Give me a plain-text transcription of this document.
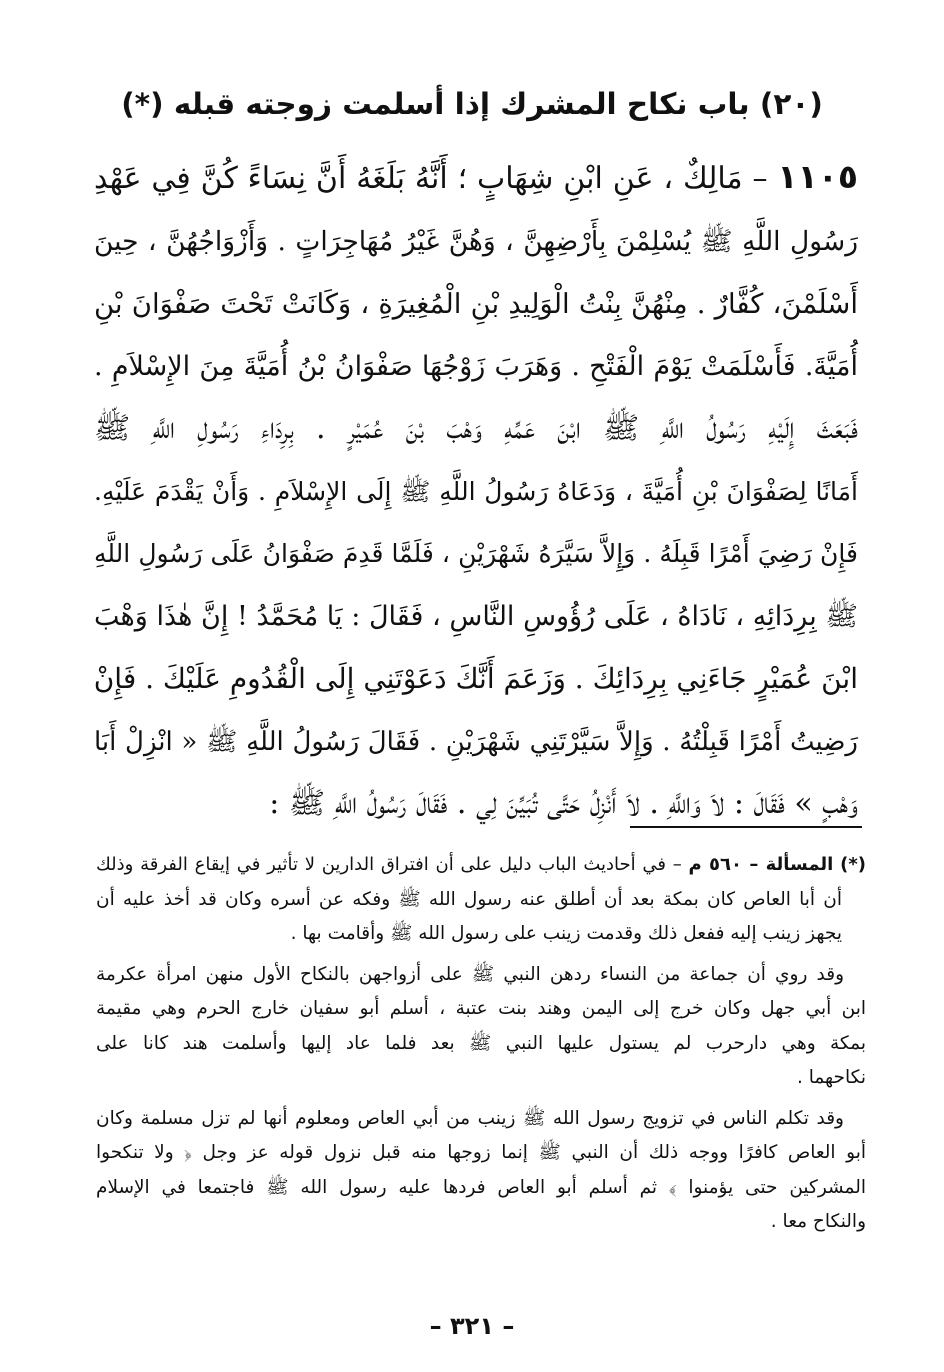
(٢٠) باب نكاح المشرك إذا أسلمت زوجته قبله (*)
١١٠٥ – مَالِكٌ ، عَنِ ابْنِ شِهَابٍ ؛ أَنَّهُ بَلَغَهُ أَنَّ نِسَاءً كُنَّ فِي عَهْدِ
رَسُولِ اللَّهِ ﷺ يُسْلِمْنَ بِأَرْضِهِنَّ ، وَهُنَّ غَيْرُ مُهَاجِرَاتٍ . وَأَزْوَاجُهُنَّ ، حِينَ
أَسْلَمْنَ، كُفَّارٌ . مِنْهُنَّ بِنْتُ الْوَلِيدِ بْنِ الْمُغِيرَةِ ، وَكَانَتْ تَحْتَ صَفْوَانَ بْنِ
أُمَيَّةَ. فَأَسْلَمَتْ يَوْمَ الْفَتْحِ . وَهَرَبَ زَوْجُهَا صَفْوَانُ بْنُ أُمَيَّةَ مِنَ الإِسْلاَمِ .
فَبَعَثَ إِلَيْهِ رَسُولُ اللَّهِ ﷺ ابْنَ عَمِّهِ وَهْبَ بْنَ عُمَيْرٍ . بِرِدَاءِ رَسُولِ اللَّهِ ﷺ
أَمَانًا لِصَفْوَانَ بْنِ أُمَيَّةَ ، وَدَعَاهُ رَسُولُ اللَّهِ ﷺ إِلَى الإِسْلاَمِ . وَأَنْ يَقْدَمَ عَلَيْهِ.
فَإِنْ رَضِيَ أَمْرًا قَبِلَهُ . وَإِلاَّ سَيَّرَهُ شَهْرَيْنِ ، فَلَمَّا قَدِمَ صَفْوَانُ عَلَى رَسُولِ اللَّهِ
ﷺ بِرِدَائِهِ ، نَادَاهُ ، عَلَى رُؤُوسِ النَّاسِ ، فَقَالَ : يَا مُحَمَّدُ ! إِنَّ هٰذَا وَهْبَ
ابْنَ عُمَيْرٍ جَاءَنِي بِرِدَائِكَ . وَزَعَمَ أَنَّكَ دَعَوْتَنِي إِلَى الْقُدُومِ عَلَيْكَ . فَإِنْ
رَضِيتُ أَمْرًا قَبِلْتُهُ . وَإِلاَّ سَيَّرْتَنِي شَهْرَيْنِ . فَقَالَ رَسُولُ اللَّهِ ﷺ « انْزِلْ أَبَا
وَهْبٍ » فَقَالَ : لاَ وَاللَّهِ . لاَ أَنْزِلُ حَتَّى تُبَيِّنَ لِي . فَقَالَ رَسُولُ اللَّهِ ﷺ :
(*) المسألة – ٥٦٠ م – في أحاديث الباب دليل على أن افتراق الدارين لا تأثير في إيقاع الفرقة وذلك
أن أبا العاص كان بمكة بعد أن أطلق عنه رسول الله ﷺ وفكه عن أسره وكان قد أخذ عليه أن
يجهز زينب إليه ففعل ذلك وقدمت زينب على رسول الله ﷺ وأقامت بها .
وقد روي أن جماعة من النساء ردهن النبي ﷺ على أزواجهن بالنكاح الأول منهن امرأة عكرمة
ابن أبي جهل وكان خرج إلى اليمن وهند بنت عتبة ، أسلم أبو سفيان خارج الحرم وهي مقيمة
بمكة وهي دارحرب لم يستول عليها النبي ﷺ بعد فلما عاد إليها وأسلمت هند كانا على
نكاحهما .
وقد تكلم الناس في تزويج رسول الله ﷺ زينب من أبي العاص ومعلوم أنها لم تزل مسلمة وكان
أبو العاص كافرًا ووجه ذلك أن النبي ﷺ إنما زوجها منه قبل نزول قوله عز وجل ﴿ ولا تنكحوا
المشركين حتى يؤمنوا ﴾ ثم أسلم أبو العاص فردها عليه رسول الله ﷺ فاجتمعا في الإسلام
والنكاح معا .
– ٣٢١ –
